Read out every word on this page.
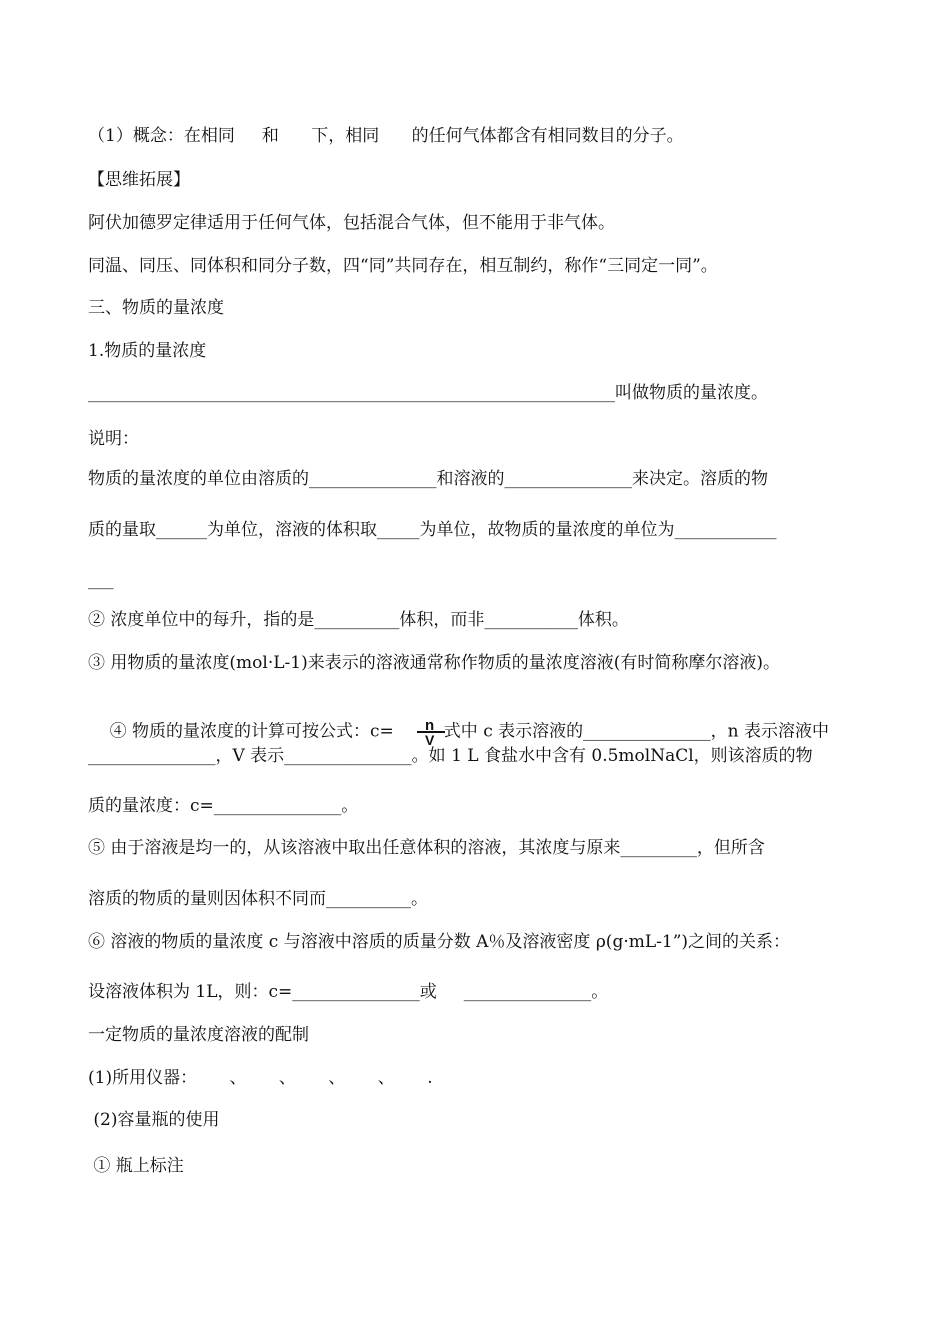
（1）概念：在相同     和      下，相同      的任何气体都含有相同数目的分子。
【思维拓展】
阿伏加德罗定律适用于任何气体，包括混合气体，但不能用于非气体。
同温、同压、同体积和同分子数，四“同”共同存在，相互制约，称作“三同定一同”。
三、物质的量浓度
1.物质的量浓度
______________________________________________________________叫做物质的量浓度。
说明：
物质的量浓度的单位由溶质的_______________和溶液的_______________来决定。溶质的物
质的量取______为单位，溶液的体积取_____为单位，故物质的量浓度的单位为____________
___
② 浓度单位中的每升，指的是__________体积，而非___________体积。
③ 用物质的量浓度(mol·L-1)来表示的溶液通常称作物质的量浓度溶液(有时简称摩尔溶液)。

④ 物质的量浓度的计算可按公式：c=
n
V 式中 c 表示溶液的_______________，n 表示溶液中

_______________，V 表示_______________。如 1 L 食盐水中含有 0.5molNaCl，则该溶质的物
质的量浓度：c=_______________。
⑤ 由于溶液是均一的，从该溶液中取出任意体积的溶液，其浓度与原来_________，但所含
溶质的物质的量则因体积不同而__________。
⑥ 溶液的物质的量浓度 c 与溶液中溶质的质量分数 A％及溶液密度 ρ(g·mL-1”)之间的关系：
设溶液体积为 1L，则：c=_______________或     _______________。
一定物质的量浓度溶液的配制
(1)所用仪器：      、      、      、      、      .
(2)容量瓶的使用
① 瓶上标注
